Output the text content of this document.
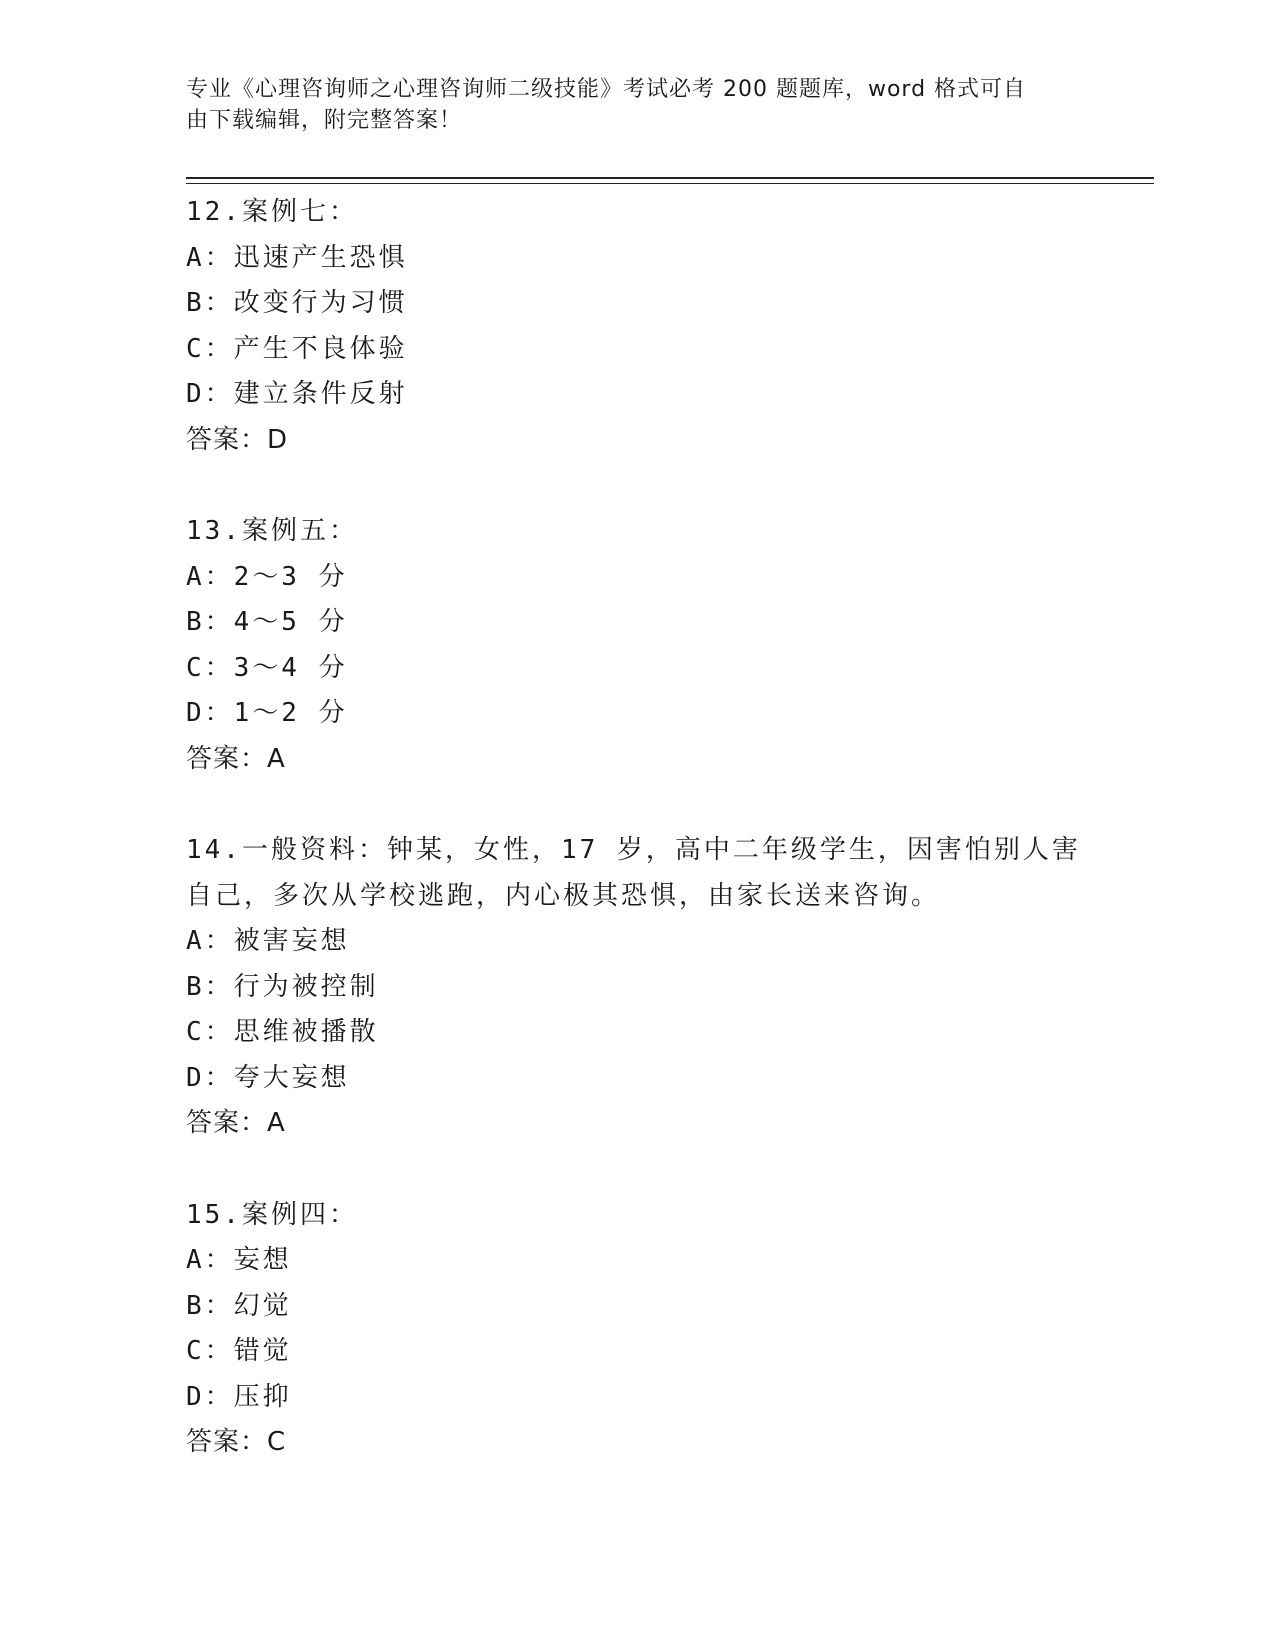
专业《心理咨询师之心理咨询师二级技能》考试必考 200 题题库，word 格式可自
由下载编辑，附完整答案！
12.案例七：
A：迅速产生恐惧
B：改变行为习惯
C：产生不良体验
D：建立条件反射
答案：D
13.案例五：
A：2～3 分
B：4～5 分
C：3～4 分
D：1～2 分
答案：A
14.一般资料：钟某，女性，17 岁，高中二年级学生，因害怕别人害自己，多次从学校逃跑，内心极其恐惧，由家长送来咨询。
A：被害妄想
B：行为被控制
C：思维被播散
D：夸大妄想
答案：A
15.案例四：
A：妄想
B：幻觉
C：错觉
D：压抑
答案：C
